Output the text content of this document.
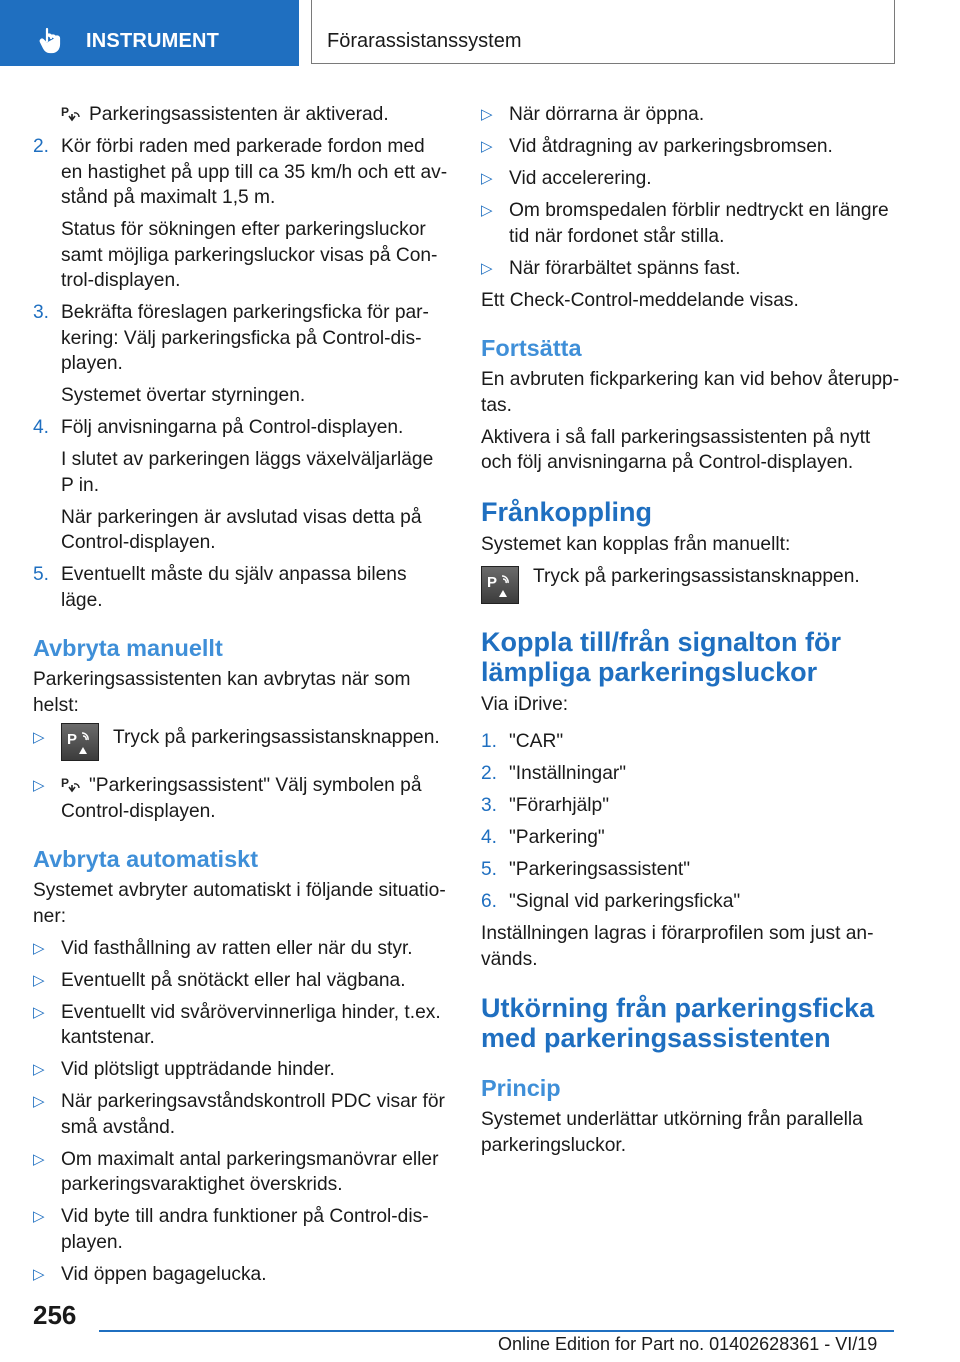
INSTRUMENT	Förarassistanssystem
P Parkeringsassistenten är aktiverad.
2. Kör förbi raden med parkerade fordon med en hastighet på upp till ca 35 km/h och ett avstånd på maximalt 1,5 m.
Status för sökningen efter parkeringsluckor samt möjliga parkeringsluckor visas på Control-displayen.
3. Bekräfta föreslagen parkeringsficka för parkering: Välj parkeringsficka på Control-displayen.
Systemet övertar styrningen.
4. Följ anvisningarna på Control-displayen.
I slutet av parkeringen läggs växelväljarläge P in.
När parkeringen är avslutad visas detta på Control-displayen.
5. Eventuellt måste du själv anpassa bilens läge.
Avbryta manuellt
Parkeringsassistenten kan avbrytas när som helst:
▷ P Tryck på parkeringsassistansknappen.
▷ P "Parkeringsassistent" Välj symbolen på Control-displayen.
Avbryta automatiskt
Systemet avbryter automatiskt i följande situationer:
▷ Vid fasthållning av ratten eller när du styr.
▷ Eventuellt på snötäckt eller hal vägbana.
▷ Eventuellt vid svårövervinnerliga hinder, t.ex. kantstenar.
▷ Vid plötsligt uppträdande hinder.
▷ När parkeringsavståndskontroll PDC visar för små avstånd.
▷ Om maximalt antal parkeringsmanövrar eller parkeringsvaraktighet överskrids.
▷ Vid byte till andra funktioner på Control-displayen.
▷ Vid öppen bagagelucka.
▷ När dörrarna är öppna.
▷ Vid åtdragning av parkeringsbromsen.
▷ Vid accelerering.
▷ Om bromspedalen förblir nedtryckt en längre tid när fordonet står stilla.
▷ När förarbältet spänns fast.
Ett Check-Control-meddelande visas.
Fortsätta
En avbruten fickparkering kan vid behov återupptas.
Aktivera i så fall parkeringsassistenten på nytt och följ anvisningarna på Control-displayen.
Frånkoppling
Systemet kan kopplas från manuellt:
P Tryck på parkeringsassistansknappen.
Koppla till/från signalton för lämpliga parkeringsluckor
Via iDrive:
1. "CAR"
2. "Inställningar"
3. "Förarhjälp"
4. "Parkering"
5. "Parkeringsassistent"
6. "Signal vid parkeringsficka"
Inställningen lagras i förarprofilen som just används.
Utkörning från parkeringsficka med parkeringsassistenten
Princip
Systemet underlättar utkörning från parallella parkeringsluckor.
256
Online Edition for Part no. 01402628361 - VI/19
